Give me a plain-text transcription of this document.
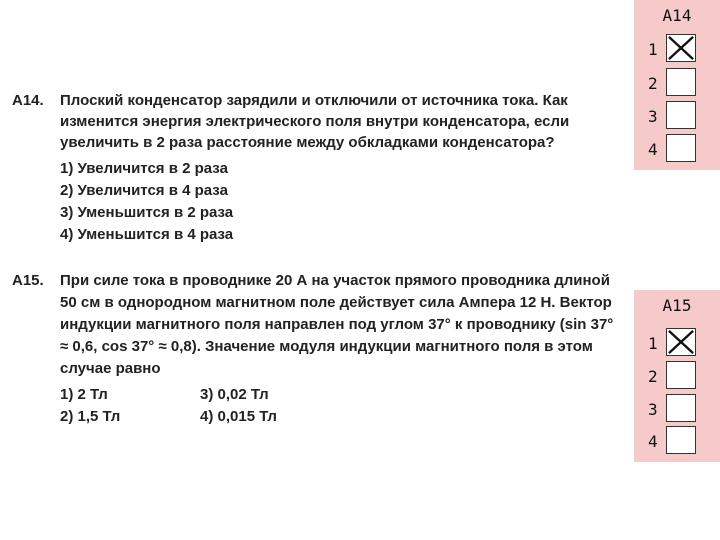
A14. Плоский конденсатор зарядили и отключили от источника тока. Как изменится энергия электрического поля внутри конденсатора, если увеличить в 2 раза расстояние между обкладками конденсатора?
1) Увеличится в 2 раза
2) Увеличится в 4 раза
3) Уменьшится в 2 раза
4) Уменьшится в 4 раза
A15. При силе тока в проводнике 20 А на участок прямого проводника длиной 50 см в однородном магнитном поле действует сила Ампера 12 Н. Вектор индукции магнитного поля направлен под углом 37° к проводнику (sin 37° ≈ 0,6, cos 37° ≈ 0,8). Значение модуля индукции магнитного поля в этом случае равно
1) 2 Тл
2) 1,5 Тл
3) 0,02 Тл
4) 0,015 Тл
A14
1
2
3
4
A15
1
2
3
4
